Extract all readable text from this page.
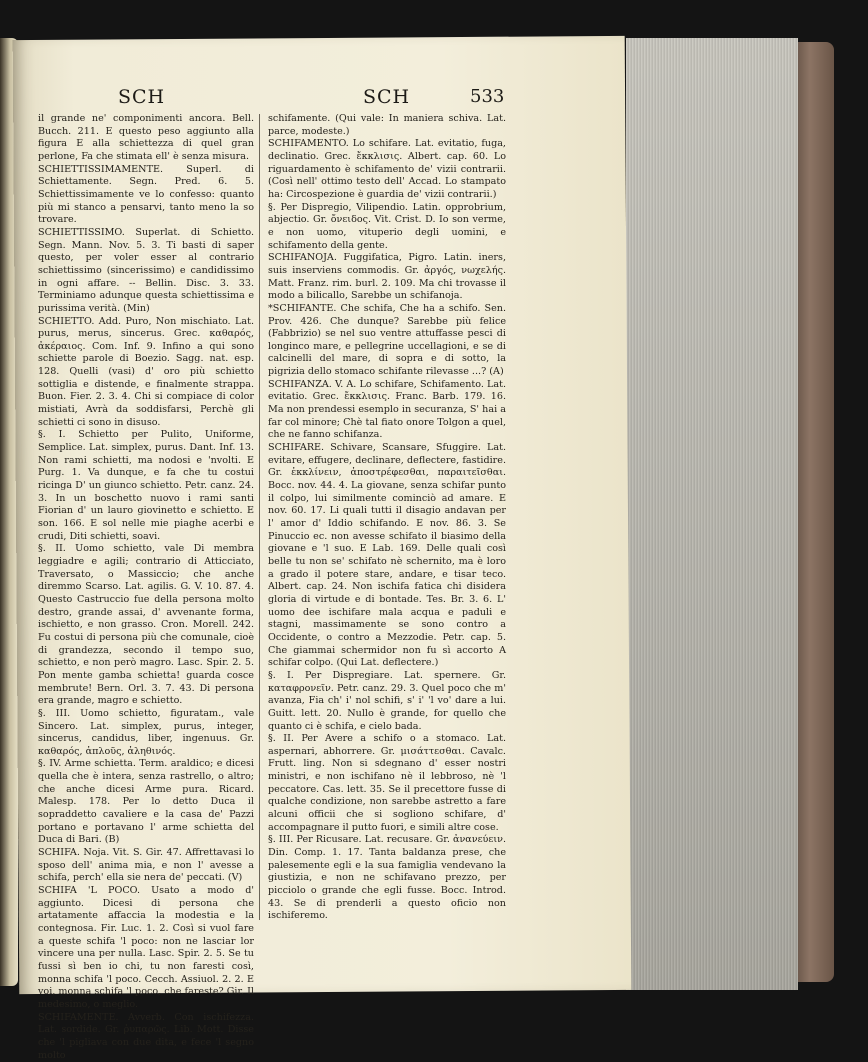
SCH	SCH	533

il grande ne' componimenti ancora. Bell. Bucch. 211. E questo peso aggiunto alla figura E alla schiettezza di quel gran perlone, Fa che stimata ell' è senza misura.

SCHIETTISSIMAMENTE. Superl. di Schiettamente. Segn. Pred. 6. 5. Schiettissimamente ve lo confesso: quanto più mi stanco a pensarvi, tanto meno la so trovare.

SCHIETTISSIMO. Superlat. di Schietto. Segn. Mann. Nov. 5. 3. Ti basti di saper questo, per voler esser al contrario schiettissimo (sincerissimo) e candidissimo in ogni affare. -- Bellin. Disc. 3. 33. Terminiamo adunque questa schiettissima e purissima verità. (Min)

SCHIETTO. Add. Puro, Non mischiato. Lat. purus, merus, sincerus. Grec. καθαρός, ἀκέραιος. Com. Inf. 9. Infino a qui sono schiette parole di Boezio. Sagg. nat. esp. 128. Quelli (vasi) d' oro più schietto sottiglia e distende, e finalmente strappa. Buon. Fier. 2. 3. 4. Chi si compiace di color mistiati, Avrà da soddisfarsi, Perchè gli schietti ci sono in disuso.

§. I. Schietto per Pulito, Uniforme, Semplice. Lat. simplex, purus. Dant. Inf. 13. Non rami schietti, ma nodosi e 'nvolti. E Purg. 1. Va dunque, e fa che tu costui ricinga D' un giunco schietto. Petr. canz. 24. 3. In un boschetto nuovo i rami santi Fiorian d' un lauro giovinetto e schietto. E son. 166. E sol nelle mie piaghe acerbi e crudi, Diti schietti, soavi.

§. II. Uomo schietto, vale Di membra leggiadre e agili; contrario di Atticciato, Traversato, o Massiccio; che anche diremmo Scarso. Lat. agilis. G. V. 10. 87. 4. Questo Castruccio fue della persona molto destro, grande assai, d' avvenante forma, ischietto, e non grasso. Cron. Morell. 242. Fu costui di persona più che comunale, cioè di grandezza, secondo il tempo suo, schietto, e non però magro. Lasc. Spir. 2. 5. Pon mente gamba schietta! guarda cosce membrute! Bern. Orl. 3. 7. 43. Di persona era grande, magro e schietto.

§. III. Uomo schietto, figuratam., vale Sincero. Lat. simplex, purus, integer, sincerus, candidus, liber, ingenuus. Gr. καθαρός, ἀπλοῦς, ἀληθινός.

§. IV. Arme schietta. Term. araldico; e dicesi quella che è intera, senza rastrello, o altro; che anche dicesi Arme pura. Ricard. Malesp. 178. Per lo detto Duca il sopraddetto cavaliere e la casa de' Pazzi portano e portavano l' arme schietta del Duca di Bari. (B)

SCHIFA. Noja. Vit. S. Gir. 47. Affrettavasi lo sposo dell' anima mia, e non l' avesse a schifa, perch' ella sie nera de' peccati. (V)

SCHIFA 'L POCO. Usato a modo d' aggiunto. Dicesi di persona che artatamente affaccia la modestia e la contegnosa. Fir. Luc. 1. 2. Così si vuol fare a queste schifa 'l poco: non ne lasciar lor vincere una per nulla. Lasc. Spir. 2. 5. Se tu fussi sì ben io chi, tu non faresti così, monna schifa 'l poco. Cecch. Assiuol. 2. 2. E voi, monna schifa 'l poco, che fareste? Gir. Il medesimo, o meglio.

SCHIFAMENTE. Avverb. Con ischifezza. Lat. sordide. Gr. ῥυπαρῶς. Lib. Mott. Disse che 'l pigliava con due dita, e fece 'l segno molto

schifamente. (Qui vale: In maniera schiva. Lat. parce, modeste.)

SCHIFAMENTO. Lo schifare. Lat. evitatio, fuga, declinatio. Grec. ἔκκλισις. Albert. cap. 60. Lo riguardamento è schifamento de' vizii contrarii. (Così nell' ottimo testo dell' Accad. Lo stampato ha: Circospezione è guardia de' vizii contrarii.)

§. Per Dispregio, Vilipendio. Latin. opprobrium, abjectio. Gr. ὄνειδος. Vit. Crist. D. Io son verme, e non uomo, vituperio degli uomini, e schifamento della gente.

SCHIFANOJA. Fuggifatica, Pigro. Latin. iners, suis inserviens commodis. Gr. ἀργός, νωχελής. Matt. Franz. rim. burl. 2. 109. Ma chi trovasse il modo a bilicallo, Sarebbe un schifanoja.

*SCHIFANTE. Che schifa, Che ha a schifo. Sen. Prov. 426. Che dunque? Sarebbe più felice (Fabbrizio) se nel suo ventre attuffasse pesci di longinco mare, e pellegrine uccellagioni, e se di calcinelli del mare, di sopra e di sotto, la pigrizia dello stomaco schifante rilevasse ...? (A)

SCHIFANZA. V. A. Lo schifare, Schifamento. Lat. evitatio. Grec. ἔκκλισις. Franc. Barb. 179. 16. Ma non prendessi esemplo in securanza, S' hai a far col minore; Chè tal fiato onore Tolgon a quel, che ne fanno schifanza.

SCHIFARE. Schivare, Scansare, Sfuggire. Lat. evitare, effugere, declinare, deflectere, fastidire. Gr. ἐκκλίνειν, ἀποστρέφεσθαι, παραιτεῖσθαι. Bocc. nov. 44. 4. La giovane, senza schifar punto il colpo, lui similmente cominciò ad amare. E nov. 60. 17. Li quali tutti il disagio andavan per l' amor d' Iddio schifando. E nov. 86. 3. Se Pinuccio ec. non avesse schifato il biasimo della giovane e 'l suo. E Lab. 169. Delle quali così belle tu non se' schifato nè schernito, ma è loro a grado il potere stare, andare, e tisar teco. Albert. cap. 24. Non ischifa fatica chi disidera gloria di virtude e di bontade. Tes. Br. 3. 6. L' uomo dee ischifare mala acqua e paduli e stagni, massimamente se sono contro a Occidente, o contro a Mezzodie. Petr. cap. 5. Che giammai schermidor non fu sì accorto A schifar colpo. (Qui Lat. deflectere.)

§. I. Per Dispregiare. Lat. spernere. Gr. καταφρονεῖν. Petr. canz. 29. 3. Quel poco che m' avanza, Fia ch' i' nol schifi, s' i' 'l vo' dare a lui. Guitt. lett. 20. Nullo è grande, for quello che quanto ci è schifa, e cielo bada.

§. II. Per Avere a schifo o a stomaco. Lat. aspernari, abhorrere. Gr. μισάττεσθαι. Cavalc. Frutt. ling. Non si sdegnano d' esser nostri ministri, e non ischifano nè il lebbroso, nè 'l peccatore. Cas. lett. 35. Se il precettore fusse di qualche condizione, non sarebbe astretto a fare alcuni officii che si sogliono schifare, d' accompagnare il putto fuori, e simili altre cose.

§. III. Per Ricusare. Lat. recusare. Gr. ἀνανεύειν. Din. Comp. 1. 17. Tanta baldanza prese, che palesemente egli e la sua famiglia vendevano la giustizia, e non ne schifavano prezzo, per picciolo o grande che egli fusse. Bocc. Introd. 43. Se di prenderli a questo oficio non ischiferemo.
